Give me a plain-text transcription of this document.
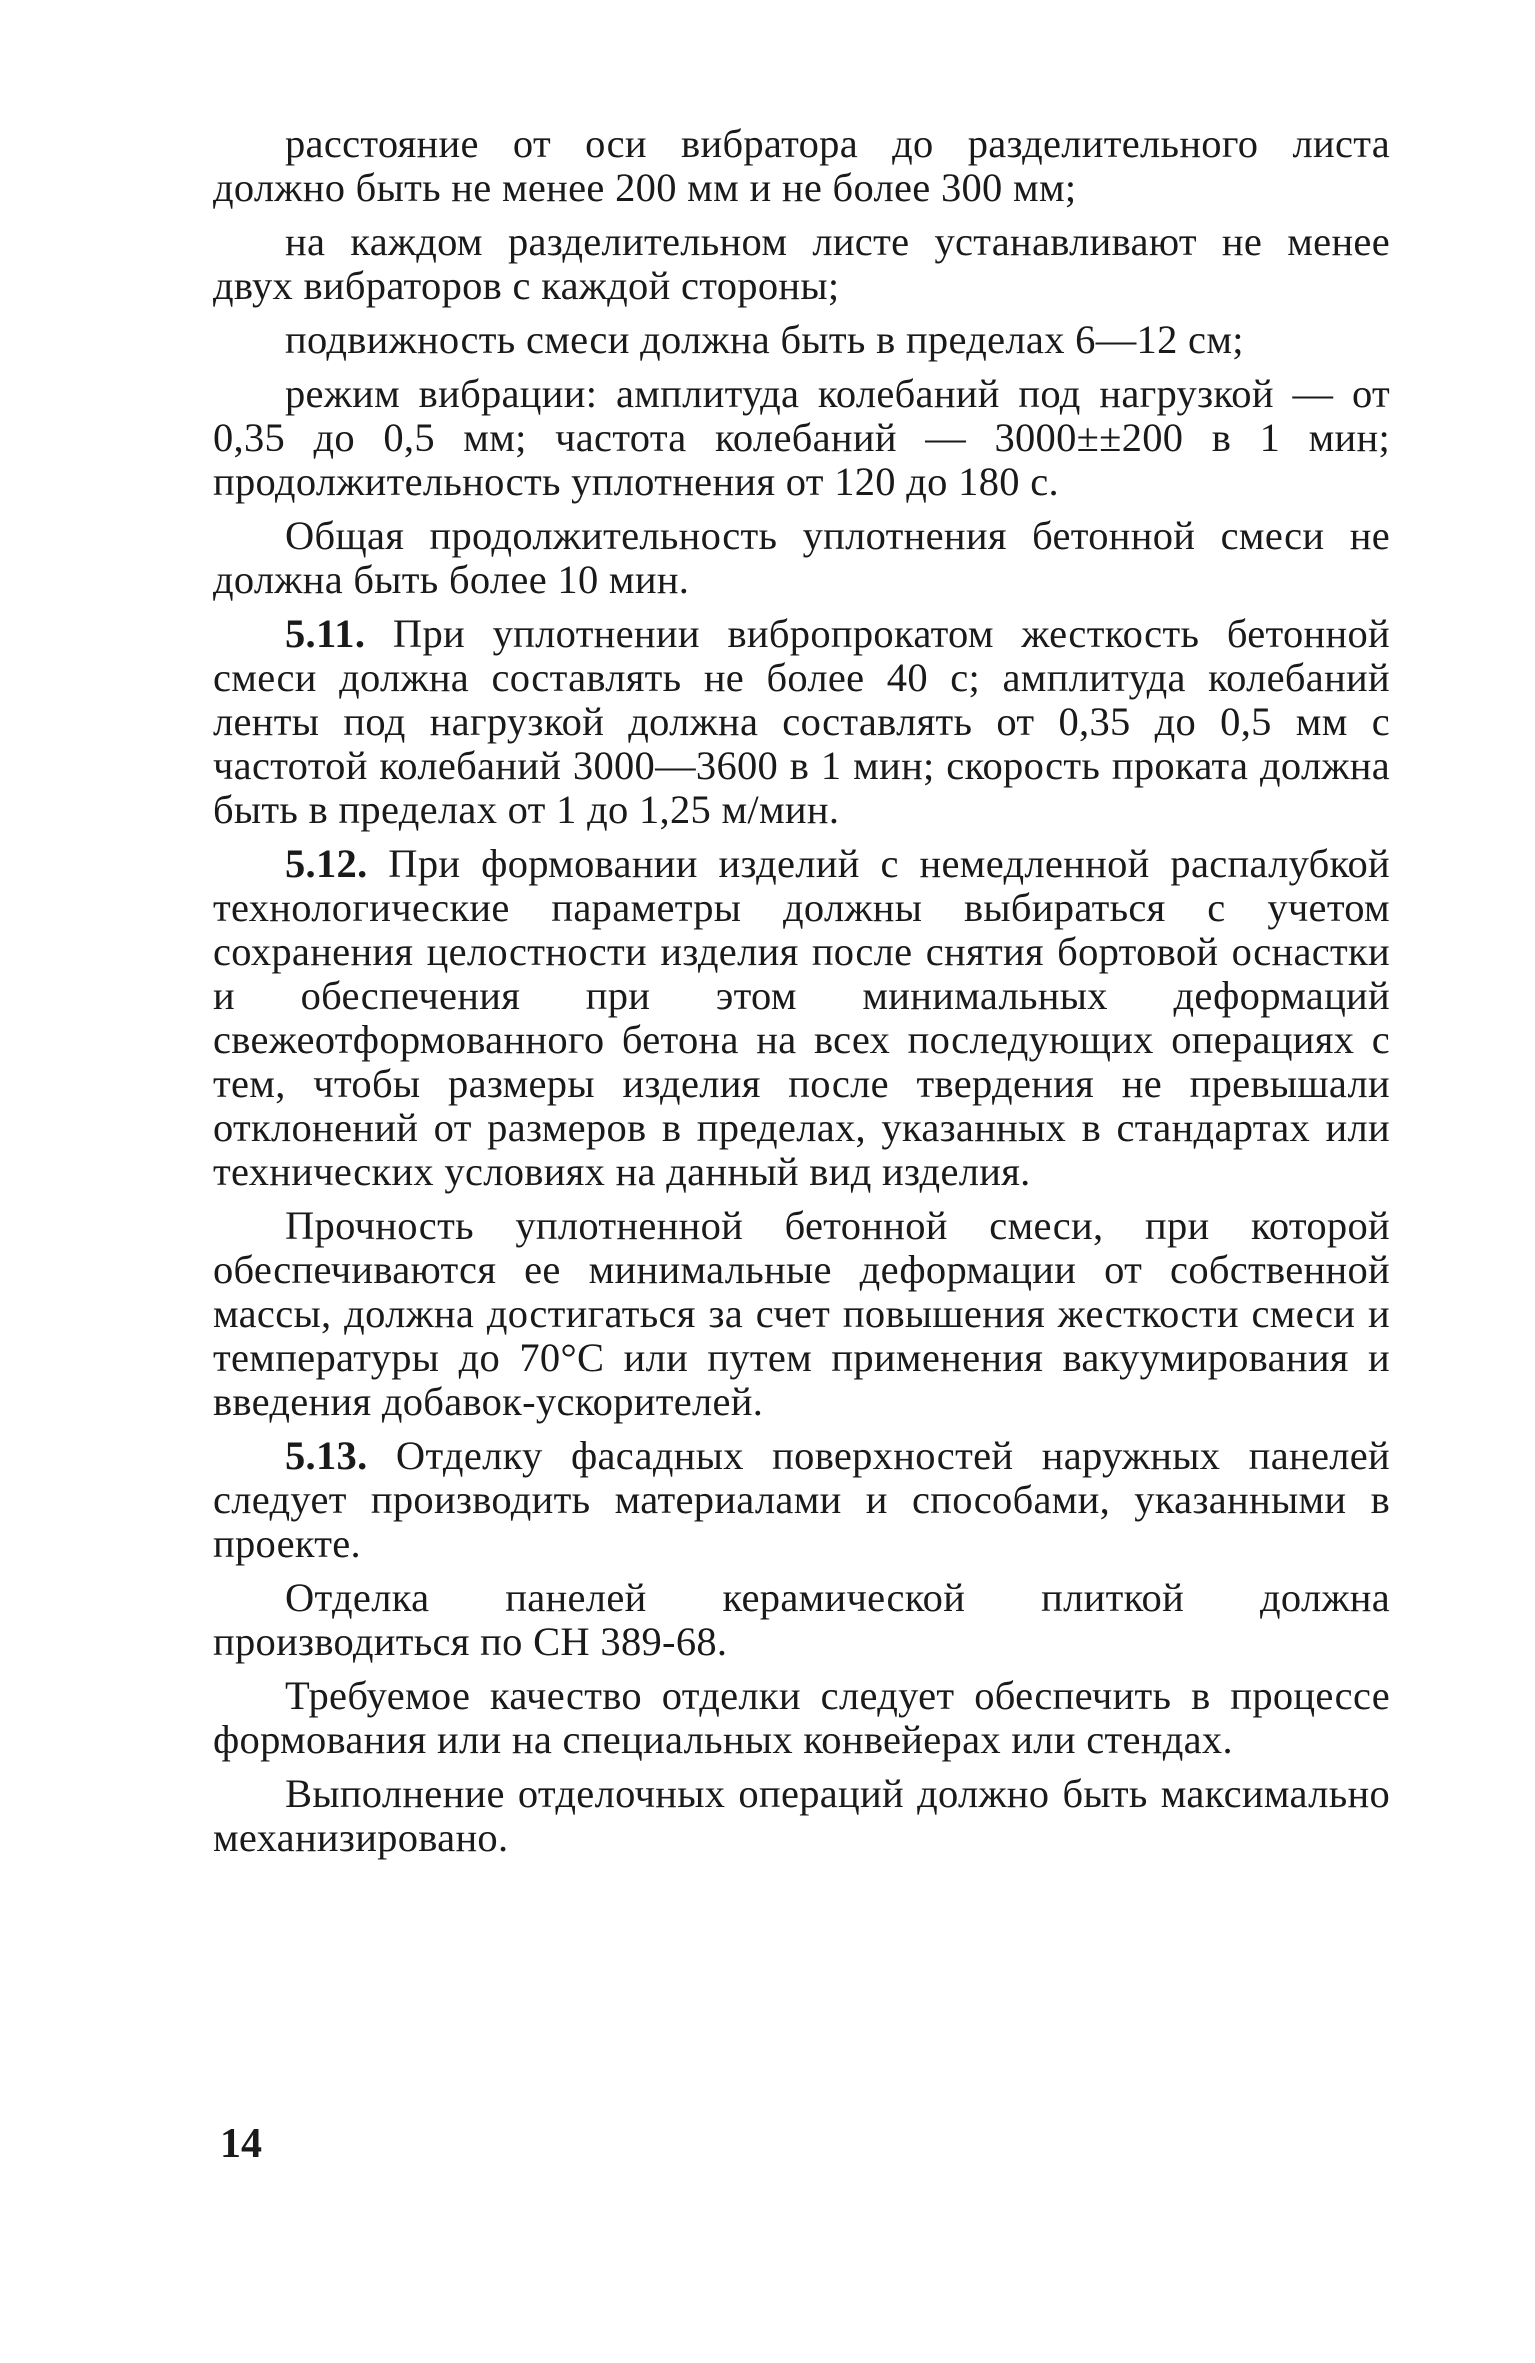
расстояние от оси вибратора до разделительного листа должно быть не менее 200 мм и не более 300 мм;

на каждом разделительном листе устанавливают не менее двух вибраторов с каждой стороны;

подвижность смеси должна быть в пределах 6—12 см;

режим вибрации: амплитуда колебаний под нагрузкой — от 0,35 до 0,5 мм; частота колебаний — 3000±±200 в 1 мин; продолжительность уплотнения от 120 до 180 с.

Общая продолжительность уплотнения бетонной смеси не должна быть более 10 мин.

5.11. При уплотнении вибропрокатом жесткость бетонной смеси должна составлять не более 40 с; амплитуда колебаний ленты под нагрузкой должна составлять от 0,35 до 0,5 мм с частотой колебаний 3000—3600 в 1 мин; скорость проката должна быть в пределах от 1 до 1,25 м/мин.

5.12. При формовании изделий с немедленной распалубкой технологические параметры должны выбираться с учетом сохранения целостности изделия после снятия бортовой оснастки и обеспечения при этом минимальных деформаций свежеотформованного бетона на всех последующих операциях с тем, чтобы размеры изделия после твердения не превышали отклонений от размеров в пределах, указанных в стандартах или технических условиях на данный вид изделия.

Прочность уплотненной бетонной смеси, при которой обеспечиваются ее минимальные деформации от собственной массы, должна достигаться за счет повышения жесткости смеси и температуры до 70°С или путем применения вакуумирования и введения добавок-ускорителей.

5.13. Отделку фасадных поверхностей наружных панелей следует производить материалами и способами, указанными в проекте.

Отделка панелей керамической плиткой должна производиться по СН 389-68.

Требуемое качество отделки следует обеспечить в процессе формования или на специальных конвейерах или стендах.

Выполнение отделочных операций должно быть максимально механизировано.

14
